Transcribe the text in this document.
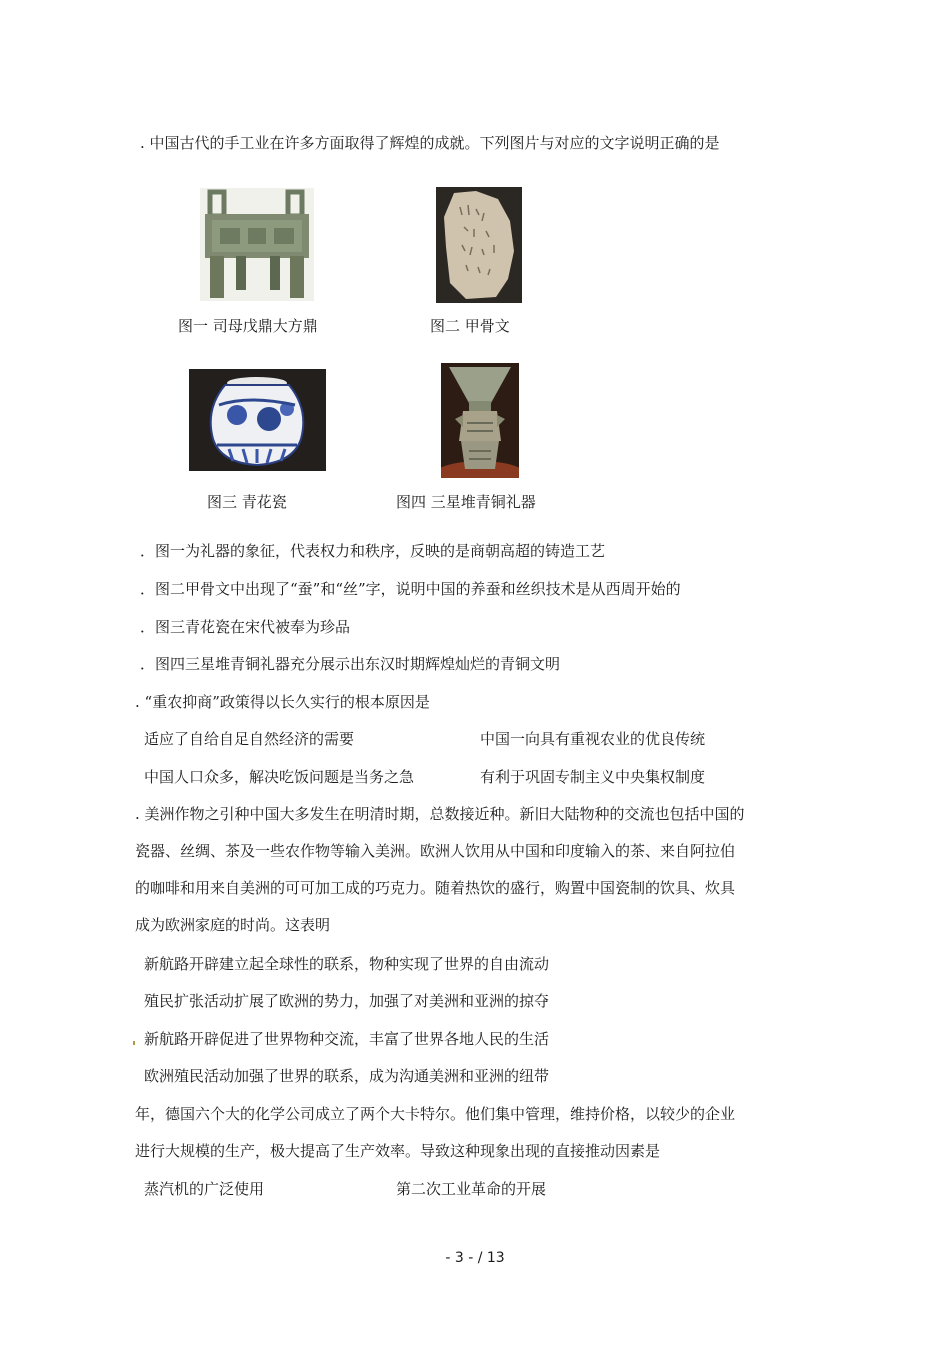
. 中国古代的手工业在许多方面取得了辉煌的成就。下列图片与对应的文字说明正确的是
图一 司母戊鼎大方鼎	图二 甲骨文
图三 青花瓷	图四 三星堆青铜礼器
．图一为礼器的象征，代表权力和秩序，反映的是商朝高超的铸造工艺
．图二甲骨文中出现了“蚕”和“丝”字，说明中国的养蚕和丝织技术是从西周开始的
．图三青花瓷在宋代被奉为珍品
．图四三星堆青铜礼器充分展示出东汉时期辉煌灿烂的青铜文明
. “重农抑商”政策得以长久实行的根本原因是
适应了自给自足自然经济的需要	中国一向具有重视农业的优良传统
中国人口众多，解决吃饭问题是当务之急	有利于巩固专制主义中央集权制度
. 美洲作物之引种中国大多发生在明清时期，总数接近种。新旧大陆物种的交流也包括中国的
瓷器、丝绸、茶及一些农作物等输入美洲。欧洲人饮用从中国和印度输入的茶、来自阿拉伯
的咖啡和用来自美洲的可可加工成的巧克力。随着热饮的盛行，购置中国瓷制的饮具、炊具
成为欧洲家庭的时尚。这表明
新航路开辟建立起全球性的联系，物种实现了世界的自由流动
殖民扩张活动扩展了欧洲的势力，加强了对美洲和亚洲的掠夺
新航路开辟促进了世界物种交流，丰富了世界各地人民的生活
欧洲殖民活动加强了世界的联系，成为沟通美洲和亚洲的纽带
年，德国六个大的化学公司成立了两个大卡特尔。他们集中管理，维持价格，以较少的企业
进行大规模的生产，极大提高了生产效率。导致这种现象出现的直接推动因素是
蒸汽机的广泛使用	第二次工业革命的开展
- 3 - / 13
